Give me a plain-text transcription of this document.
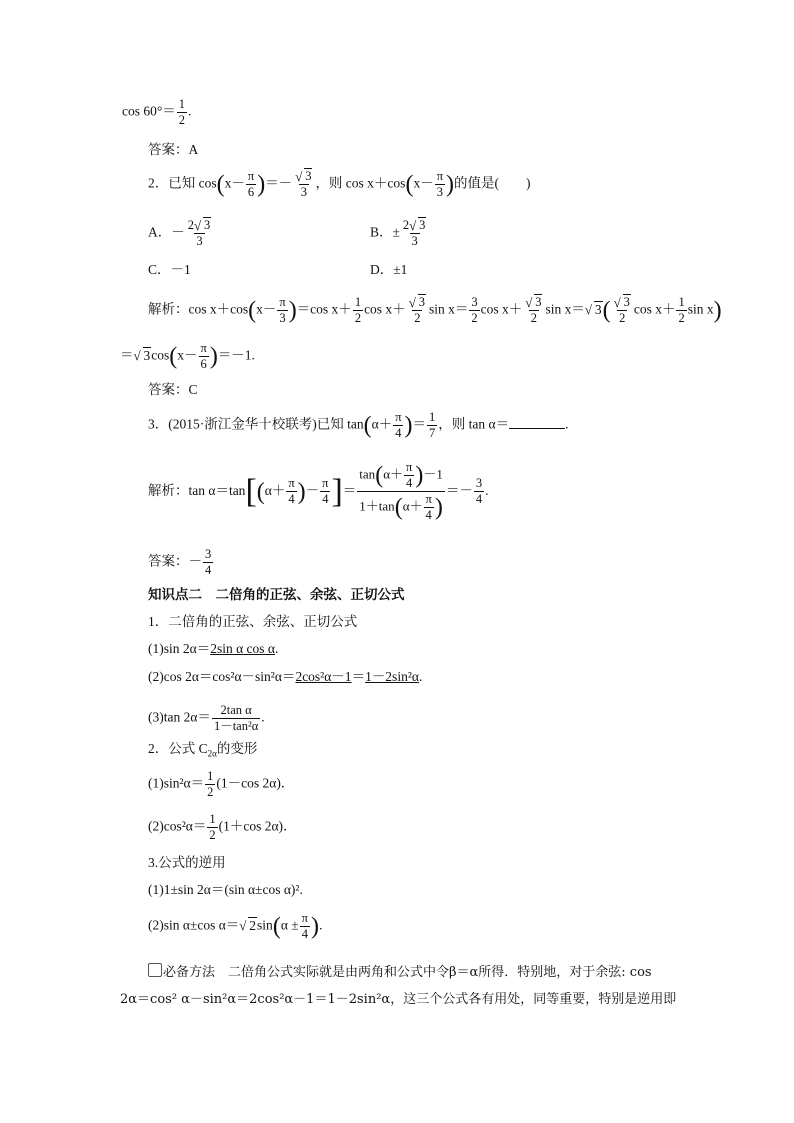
$\cos 60^\circ= \frac{1}{2}$ .
答案：A
2．已知 $\cos(x- \frac{\pi}{6}$ )＝－ √ $\frac{3}{3}$ ，则 $\cos x+\cos(x- \frac{\pi}{3}$ )的值是(　　)
A．－ $\frac{2 √ 3}{3}$	B．± $\frac{2 √ 3}{3}$
C．－1	D．±1
解析：$\cos x+\cos(x- \frac{\pi}{3} )=\cos$ $x+ \frac{1}{2}$ cos x＋ √ $\frac{3}{2}$ $\sin x= \frac{3}{2}$ cos x＋ √ $\frac{3}{2}$ sin x＝ √ 3( √ $\frac{3}{2}$ $\cos x+ \frac{1}{2}$ sin x)
＝ √ $3\cos(x- \frac{\pi}{6} )=-1$.
答案：C
3．(2015·浙江金华十校联考)已知 $\tan(\alpha+ \frac{\pi}{4}$ )＝ $\frac{1}{7}$ ，则 tan α＝	.
解析：$\tan \alpha=\tan[(\alpha+ \frac{\pi}{4}$ )－ $\frac{\pi}{4}$ ]＝ $\frac{\tan(\alpha+ \frac{\pi}{4} )-1}{1+\tan(\alpha+ \frac{\pi}{4} )} =- \frac{3}{4}$ .
答案：－ $\frac{3}{4}$
知识点二　二倍角的正弦、余弦、正切公式
1．二倍角的正弦、余弦、正切公式
(1)sin 2α＝2sin α cos α.
(2)cos 2α＝cos²α－sin²α＝2cos²α－1＝1－2sin²α.
(3)tan $2\alpha= \frac{\text{2tan α}}{\text{1－tan²α}}$ .
2．公式 $C_{2\alpha}$的变形
$(1)\sin^2\alpha= \frac{1}{2} (1-\cos$ 2α)．
$(2)\cos^2\alpha= \frac{1}{2} (1+\cos$ 2α)．
3.公式的逆用
(1)1±sin 2α＝(sin α±cos α)².
(2)sin α±cos α＝ √ $2\sin(\alpha \pm \frac{\pi}{4}$ ).
必备方法　二倍角公式实际就是由两角和公式中令β＝α所得．特别地，对于余弦: cos
2α＝cos² α－sin²α＝2cos²α－1＝1－2sin²α，这三个公式各有用处，同等重要，特别是逆用即
